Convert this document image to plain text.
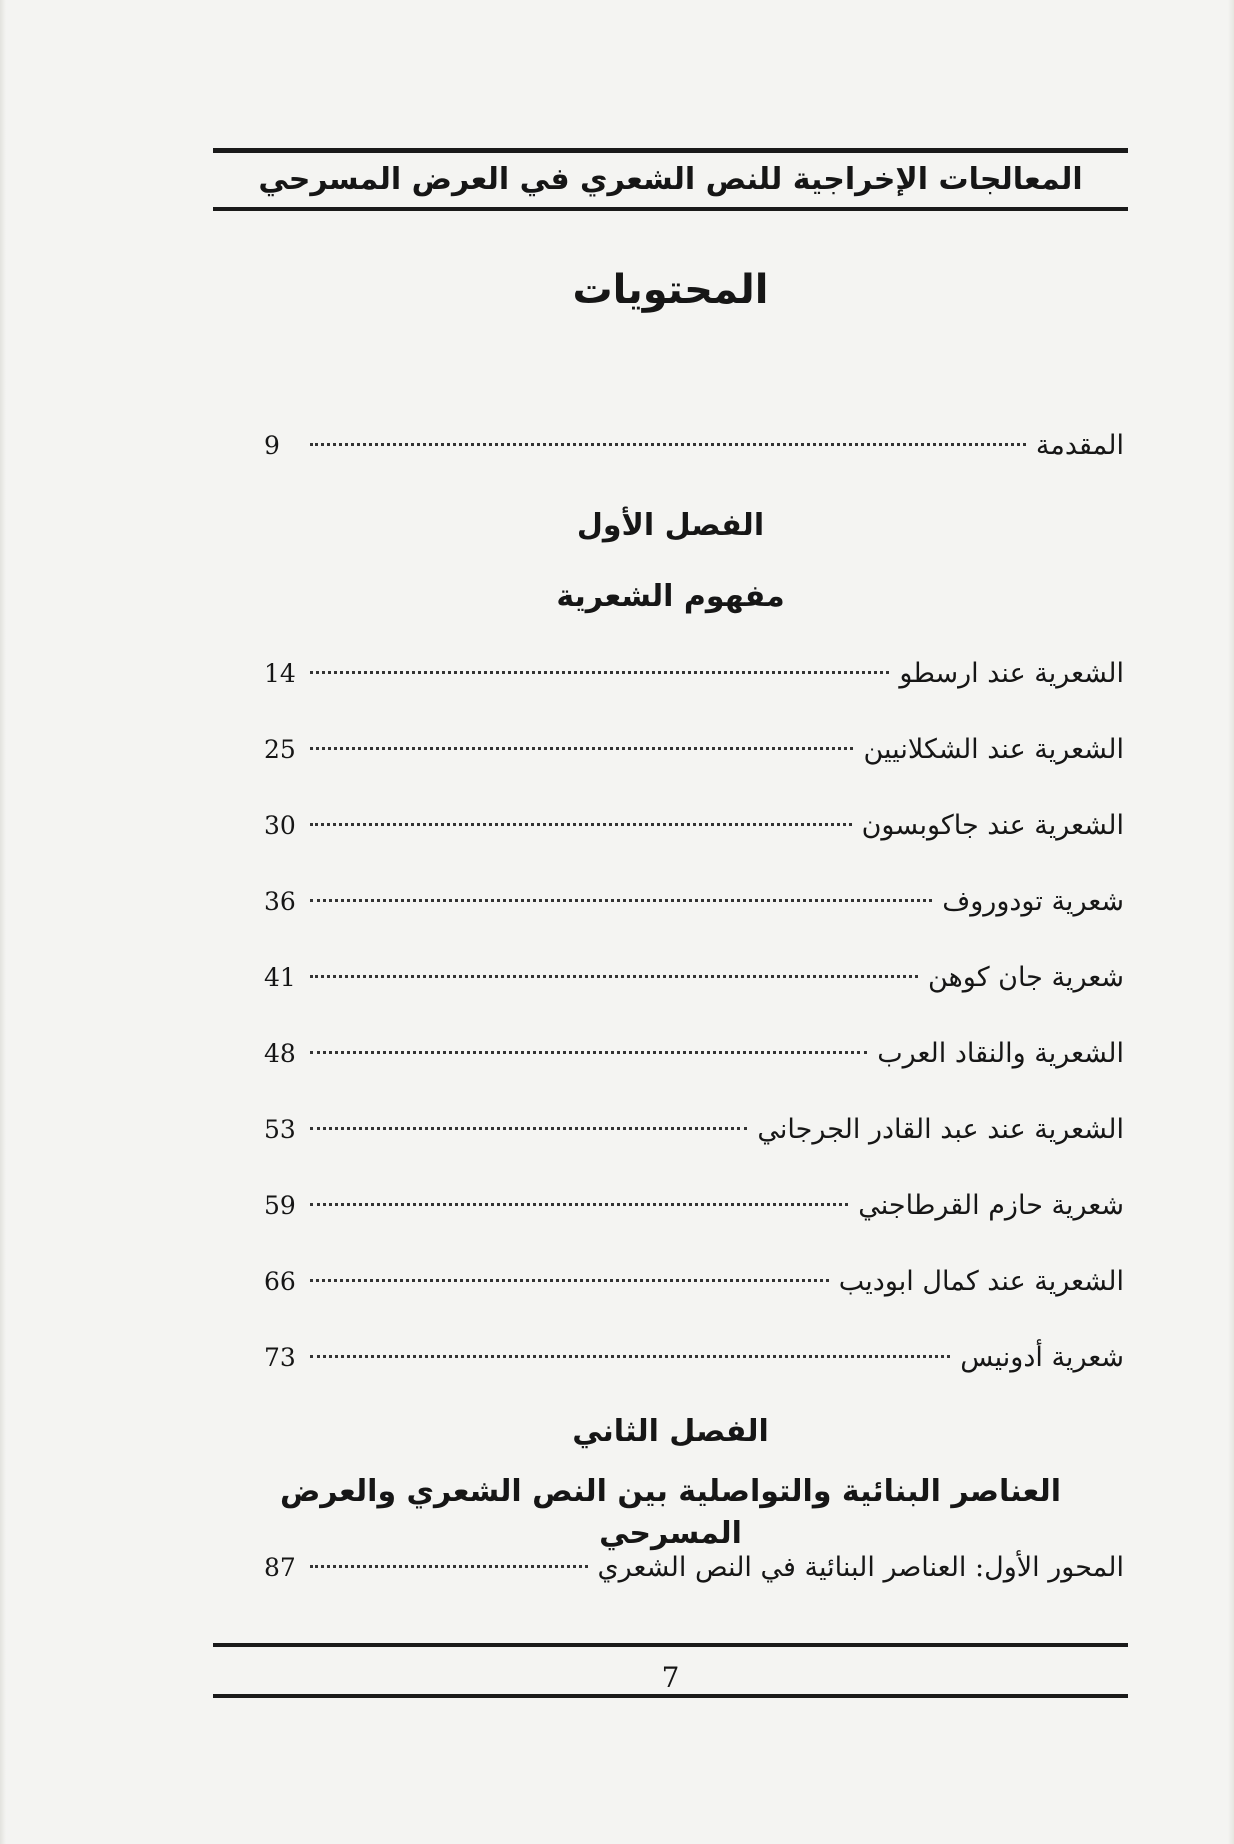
المعالجات الإخراجية للنص الشعري في العرض المسرحي
المحتويات
المقدمة
9
الفصل الأول
مفهوم الشعرية
الشعرية عند ارسطو
14
الشعرية عند الشكلانيين
25
الشعرية عند جاكوبسون
30
شعرية تودوروف
36
شعرية جان كوهن
41
الشعرية والنقاد العرب
48
الشعرية عند عبد القادر الجرجاني
53
شعرية حازم القرطاجني
59
الشعرية عند كمال ابوديب
66
شعرية أدونيس
73
الفصل الثاني
العناصر البنائية والتواصلية بين النص الشعري والعرض المسرحي
المحور الأول: العناصر البنائية في النص الشعري
87
7
